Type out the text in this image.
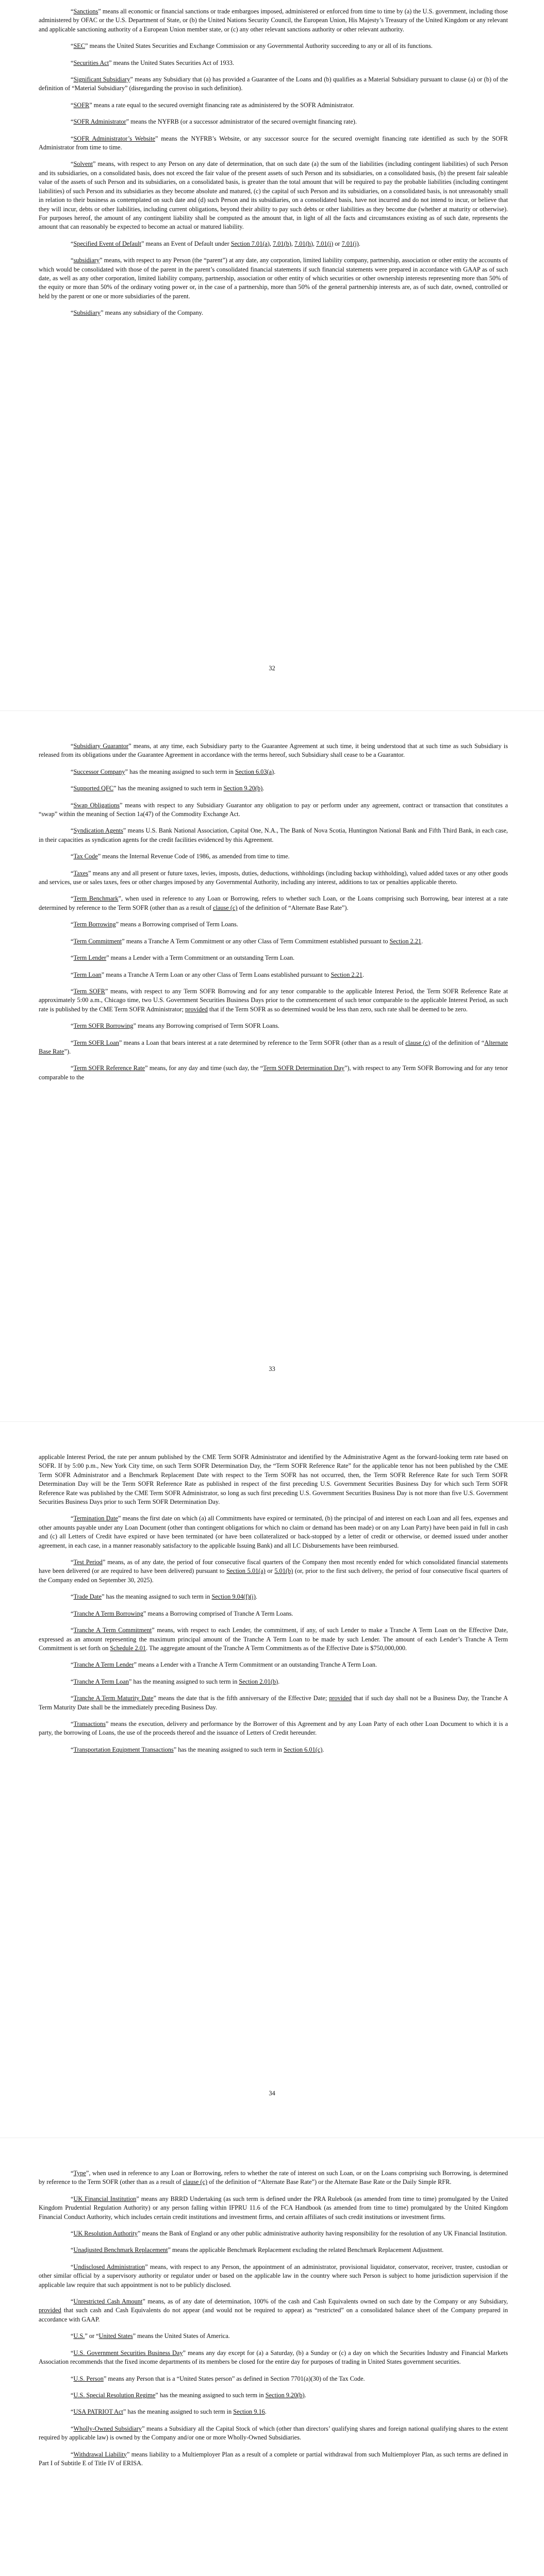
“Sanctions” means all economic or financial sanctions or trade embargoes imposed, administered or enforced from time to time by (a) the U.S. government, including those administered by OFAC or the U.S. Department of State, or (b) the United Nations Security Council, the European Union, His Majesty’s Treasury of the United Kingdom or any relevant and applicable sanctioning authority of a European Union member state, or (c) any other relevant sanctions authority or other relevant authority.

“SEC” means the United States Securities and Exchange Commission or any Governmental Authority succeeding to any or all of its functions.

“Securities Act” means the United States Securities Act of 1933.

“Significant Subsidiary” means any Subsidiary that (a) has provided a Guarantee of the Loans and (b) qualifies as a Material Subsidiary pursuant to clause (a) or (b) of the definition of “Material Subsidiary” (disregarding the proviso in such definition).

“SOFR” means a rate equal to the secured overnight financing rate as administered by the SOFR Administrator.

“SOFR Administrator” means the NYFRB (or a successor administrator of the secured overnight financing rate).

“SOFR Administrator’s Website” means the NYFRB’s Website, or any successor source for the secured overnight financing rate identified as such by the SOFR Administrator from time to time.

“Solvent” means, with respect to any Person on any date of determination, that on such date (a) the sum of the liabilities (including contingent liabilities) of such Person and its subsidiaries, on a consolidated basis, does not exceed the fair value of the present assets of such Person and its subsidiaries, on a consolidated basis, (b) the present fair saleable value of the assets of such Person and its subsidiaries, on a consolidated basis, is greater than the total amount that will be required to pay the probable liabilities (including contingent liabilities) of such Person and its subsidiaries as they become absolute and matured, (c) the capital of such Person and its subsidiaries, on a consolidated basis, is not unreasonably small in relation to their business as contemplated on such date and (d) such Person and its subsidiaries, on a consolidated basis, have not incurred and do not intend to incur, or believe that they will incur, debts or other liabilities, including current obligations, beyond their ability to pay such debts or other liabilities as they become due (whether at maturity or otherwise). For purposes hereof, the amount of any contingent liability shall be computed as the amount that, in light of all the facts and circumstances existing as of such date, represents the amount that can reasonably be expected to become an actual or matured liability.

“Specified Event of Default” means an Event of Default under Section 7.01(a), 7.01(b), 7.01(h), 7.01(i) or 7.01(j).

“subsidiary” means, with respect to any Person (the “parent”) at any date, any corporation, limited liability company, partnership, association or other entity the accounts of which would be consolidated with those of the parent in the parent’s consolidated financial statements if such financial statements were prepared in accordance with GAAP as of such date, as well as any other corporation, limited liability company, partnership, association or other entity of which securities or other ownership interests representing more than 50% of the equity or more than 50% of the ordinary voting power or, in the case of a partnership, more than 50% of the general partnership interests are, as of such date, owned, controlled or held by the parent or one or more subsidiaries of the parent.

“Subsidiary” means any subsidiary of the Company.

32

“Subsidiary Guarantor” means, at any time, each Subsidiary party to the Guarantee Agreement at such time, it being understood that at such time as such Subsidiary is released from its obligations under the Guarantee Agreement in accordance with the terms hereof, such Subsidiary shall cease to be a Guarantor.

“Successor Company” has the meaning assigned to such term in Section 6.03(a).

“Supported QFC” has the meaning assigned to such term in Section 9.20(b).

“Swap Obligations” means with respect to any Subsidiary Guarantor any obligation to pay or perform under any agreement, contract or transaction that constitutes a “swap” within the meaning of Section 1a(47) of the Commodity Exchange Act.

“Syndication Agents” means U.S. Bank National Association, Capital One, N.A., The Bank of Nova Scotia, Huntington National Bank and Fifth Third Bank, in each case, in their capacities as syndication agents for the credit facilities evidenced by this Agreement.

“Tax Code” means the Internal Revenue Code of 1986, as amended from time to time.

“Taxes” means any and all present or future taxes, levies, imposts, duties, deductions, withholdings (including backup withholding), valued added taxes or any other goods and services, use or sales taxes, fees or other charges imposed by any Governmental Authority, including any interest, additions to tax or penalties applicable thereto.

“Term Benchmark”, when used in reference to any Loan or Borrowing, refers to whether such Loan, or the Loans comprising such Borrowing, bear interest at a rate determined by reference to the Term SOFR (other than as a result of clause (c) of the definition of “Alternate Base Rate”).

“Term Borrowing” means a Borrowing comprised of Term Loans.

“Term Commitment” means a Tranche A Term Commitment or any other Class of Term Commitment established pursuant to Section 2.21.

“Term Lender” means a Lender with a Term Commitment or an outstanding Term Loan.

“Term Loan” means a Tranche A Term Loan or any other Class of Term Loans established pursuant to Section 2.21.

“Term SOFR” means, with respect to any Term SOFR Borrowing and for any tenor comparable to the applicable Interest Period, the Term SOFR Reference Rate at approximately 5:00 a.m., Chicago time, two U.S. Government Securities Business Days prior to the commencement of such tenor comparable to the applicable Interest Period, as such rate is published by the CME Term SOFR Administrator; provided that if the Term SOFR as so determined would be less than zero, such rate shall be deemed to be zero.

“Term SOFR Borrowing” means any Borrowing comprised of Term SOFR Loans.

“Term SOFR Loan” means a Loan that bears interest at a rate determined by reference to the Term SOFR (other than as a result of clause (c) of the definition of “Alternate Base Rate”).

“Term SOFR Reference Rate” means, for any day and time (such day, the “Term SOFR Determination Day”), with respect to any Term SOFR Borrowing and for any tenor comparable to the

33

applicable Interest Period, the rate per annum published by the CME Term SOFR Administrator and identified by the Administrative Agent as the forward-looking term rate based on SOFR. If by 5:00 p.m., New York City time, on such Term SOFR Determination Day, the “Term SOFR Reference Rate” for the applicable tenor has not been published by the CME Term SOFR Administrator and a Benchmark Replacement Date with respect to the Term SOFR has not occurred, then, the Term SOFR Reference Rate for such Term SOFR Determination Day will be the Term SOFR Reference Rate as published in respect of the first preceding U.S. Government Securities Business Day for which such Term SOFR Reference Rate was published by the CME Term SOFR Administrator, so long as such first preceding U.S. Government Securities Business Day is not more than five U.S. Government Securities Business Days prior to such Term SOFR Determination Day.

“Termination Date” means the first date on which (a) all Commitments have expired or terminated, (b) the principal of and interest on each Loan and all fees, expenses and other amounts payable under any Loan Document (other than contingent obligations for which no claim or demand has been made) or on any Loan Party) have been paid in full in cash and (c) all Letters of Credit have expired or have been terminated (or have been collateralized or back-stopped by a letter of credit or otherwise, or deemed issued under another agreement, in each case, in a manner reasonably satisfactory to the applicable Issuing Bank) and all LC Disbursements have been reimbursed.

“Test Period” means, as of any date, the period of four consecutive fiscal quarters of the Company then most recently ended for which consolidated financial statements have been delivered (or are required to have been delivered) pursuant to Section 5.01(a) or 5.01(b) (or, prior to the first such delivery, the period of four consecutive fiscal quarters of the Company ended on September 30, 2025).

“Trade Date” has the meaning assigned to such term in Section 9.04(f)(i).

“Tranche A Term Borrowing” means a Borrowing comprised of Tranche A Term Loans.

“Tranche A Term Commitment” means, with respect to each Lender, the commitment, if any, of such Lender to make a Tranche A Term Loan on the Effective Date, expressed as an amount representing the maximum principal amount of the Tranche A Term Loan to be made by such Lender. The amount of each Lender’s Tranche A Term Commitment is set forth on Schedule 2.01. The aggregate amount of the Tranche A Term Commitments as of the Effective Date is $750,000,000.

“Tranche A Term Lender” means a Lender with a Tranche A Term Commitment or an outstanding Tranche A Term Loan.

“Tranche A Term Loan” has the meaning assigned to such term in Section 2.01(b).

“Tranche A Term Maturity Date” means the date that is the fifth anniversary of the Effective Date; provided that if such day shall not be a Business Day, the Tranche A Term Maturity Date shall be the immediately preceding Business Day.

“Transactions” means the execution, delivery and performance by the Borrower of this Agreement and by any Loan Party of each other Loan Document to which it is a party, the borrowing of Loans, the use of the proceeds thereof and the issuance of Letters of Credit hereunder.

“Transportation Equipment Transactions” has the meaning assigned to such term in Section 6.01(c).

34

“Type”, when used in reference to any Loan or Borrowing, refers to whether the rate of interest on such Loan, or on the Loans comprising such Borrowing, is determined by reference to the Term SOFR (other than as a result of clause (c) of the definition of “Alternate Base Rate”) or the Alternate Base Rate or the Daily Simple RFR.

“UK Financial Institution” means any BRRD Undertaking (as such term is defined under the PRA Rulebook (as amended from time to time) promulgated by the United Kingdom Prudential Regulation Authority) or any person falling within IFPRU 11.6 of the FCA Handbook (as amended from time to time) promulgated by the United Kingdom Financial Conduct Authority, which includes certain credit institutions and investment firms, and certain affiliates of such credit institutions or investment firms.

“UK Resolution Authority” means the Bank of England or any other public administrative authority having responsibility for the resolution of any UK Financial Institution.

“Unadjusted Benchmark Replacement” means the applicable Benchmark Replacement excluding the related Benchmark Replacement Adjustment.

“Undisclosed Administration” means, with respect to any Person, the appointment of an administrator, provisional liquidator, conservator, receiver, trustee, custodian or other similar official by a supervisory authority or regulator under or based on the applicable law in the country where such Person is subject to home jurisdiction supervision if the applicable law require that such appointment is not to be publicly disclosed.

“Unrestricted Cash Amount” means, as of any date of determination, 100% of the cash and Cash Equivalents owned on such date by the Company or any Subsidiary, provided that such cash and Cash Equivalents do not appear (and would not be required to appear) as “restricted” on a consolidated balance sheet of the Company prepared in accordance with GAAP.

“U.S.” or “United States” means the United States of America.

“U.S. Government Securities Business Day” means any day except for (a) a Saturday, (b) a Sunday or (c) a day on which the Securities Industry and Financial Markets Association recommends that the fixed income departments of its members be closed for the entire day for purposes of trading in United States government securities.

“U.S. Person” means any Person that is a “United States person” as defined in Section 7701(a)(30) of the Tax Code.

“U.S. Special Resolution Regime” has the meaning assigned to such term in Section 9.20(b).

“USA PATRIOT Act” has the meaning assigned to such term in Section 9.16.

“Wholly-Owned Subsidiary” means a Subsidiary all the Capital Stock of which (other than directors’ qualifying shares and foreign national qualifying shares to the extent required by applicable law) is owned by the Company and/or one or more Wholly-Owned Subsidiaries.

“Withdrawal Liability” means liability to a Multiemployer Plan as a result of a complete or partial withdrawal from such Multiemployer Plan, as such terms are defined in Part I of Subtitle E of Title IV of ERISA.
